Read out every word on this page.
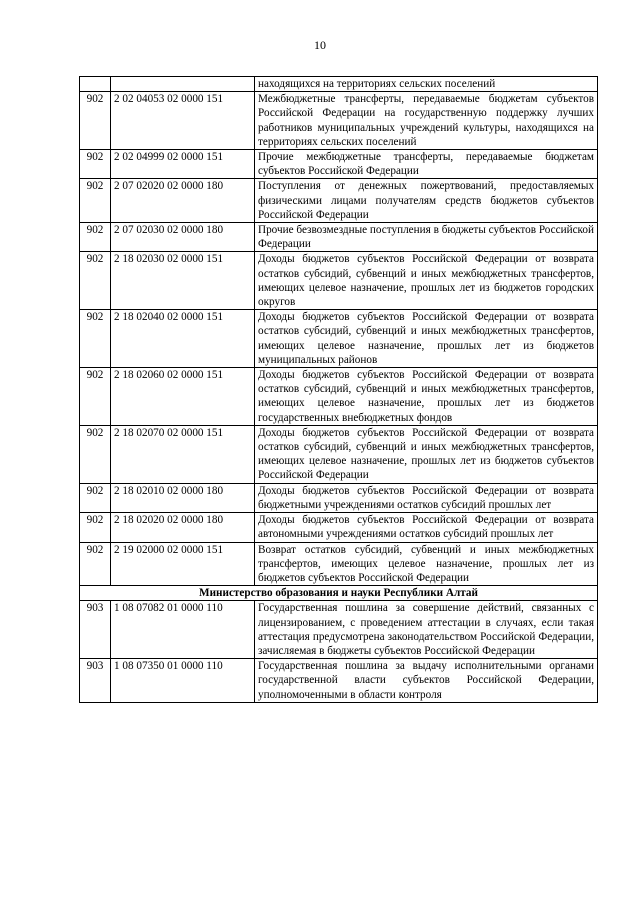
10
		находящихся на территориях сельских поселений
902	2 02 04053 02 0000 151	Межбюджетные трансферты, передаваемые бюджетам субъектов Российской Федерации на государственную поддержку лучших работников муниципальных учреждений культуры, находящихся на территориях сельских поселений
902	2 02 04999 02 0000 151	Прочие межбюджетные трансферты, передаваемые бюджетам субъектов Российской Федерации
902	2 07 02020 02 0000 180	Поступления от денежных пожертвований, предоставляемых физическими лицами получателям средств бюджетов субъектов Российской Федерации
902	2 07 02030 02 0000 180	Прочие безвозмездные поступления в бюджеты субъектов Российской Федерации
902	2 18 02030 02 0000 151	Доходы бюджетов субъектов Российской Федерации от возврата остатков субсидий, субвенций и иных межбюджетных трансфертов, имеющих целевое назначение, прошлых лет из бюджетов городских округов
902	2 18 02040 02 0000 151	Доходы бюджетов субъектов Российской Федерации от возврата остатков субсидий, субвенций и иных межбюджетных трансфертов, имеющих целевое назначение, прошлых лет из бюджетов муниципальных районов
902	2 18 02060 02 0000 151	Доходы бюджетов субъектов Российской Федерации от возврата остатков субсидий, субвенций и иных межбюджетных трансфертов, имеющих целевое назначение, прошлых лет из бюджетов государственных внебюджетных фондов
902	2 18 02070 02 0000 151	Доходы бюджетов субъектов Российской Федерации от возврата остатков субсидий, субвенций и иных межбюджетных трансфертов, имеющих целевое назначение, прошлых лет из бюджетов субъектов Российской Федерации
902	2 18 02010 02 0000 180	Доходы бюджетов субъектов Российской Федерации от возврата бюджетными учреждениями остатков субсидий прошлых лет
902	2 18 02020 02 0000 180	Доходы бюджетов субъектов Российской Федерации от возврата автономными учреждениями остатков субсидий прошлых лет
902	2 19 02000 02 0000 151	Возврат остатков субсидий, субвенций и иных межбюджетных трансфертов, имеющих целевое назначение, прошлых лет из бюджетов субъектов Российской Федерации
Министерство образования и науки Республики Алтай		
903	1 08 07082 01 0000 110	Государственная пошлина за совершение действий, связанных с лицензированием, с проведением аттестации в случаях, если такая аттестация предусмотрена законодательством Российской Федерации, зачисляемая в бюджеты субъектов Российской Федерации
903	1 08 07350 01 0000 110	Государственная пошлина за выдачу исполнительными органами государственной власти субъектов Российской Федерации, уполномоченными в области контроля
